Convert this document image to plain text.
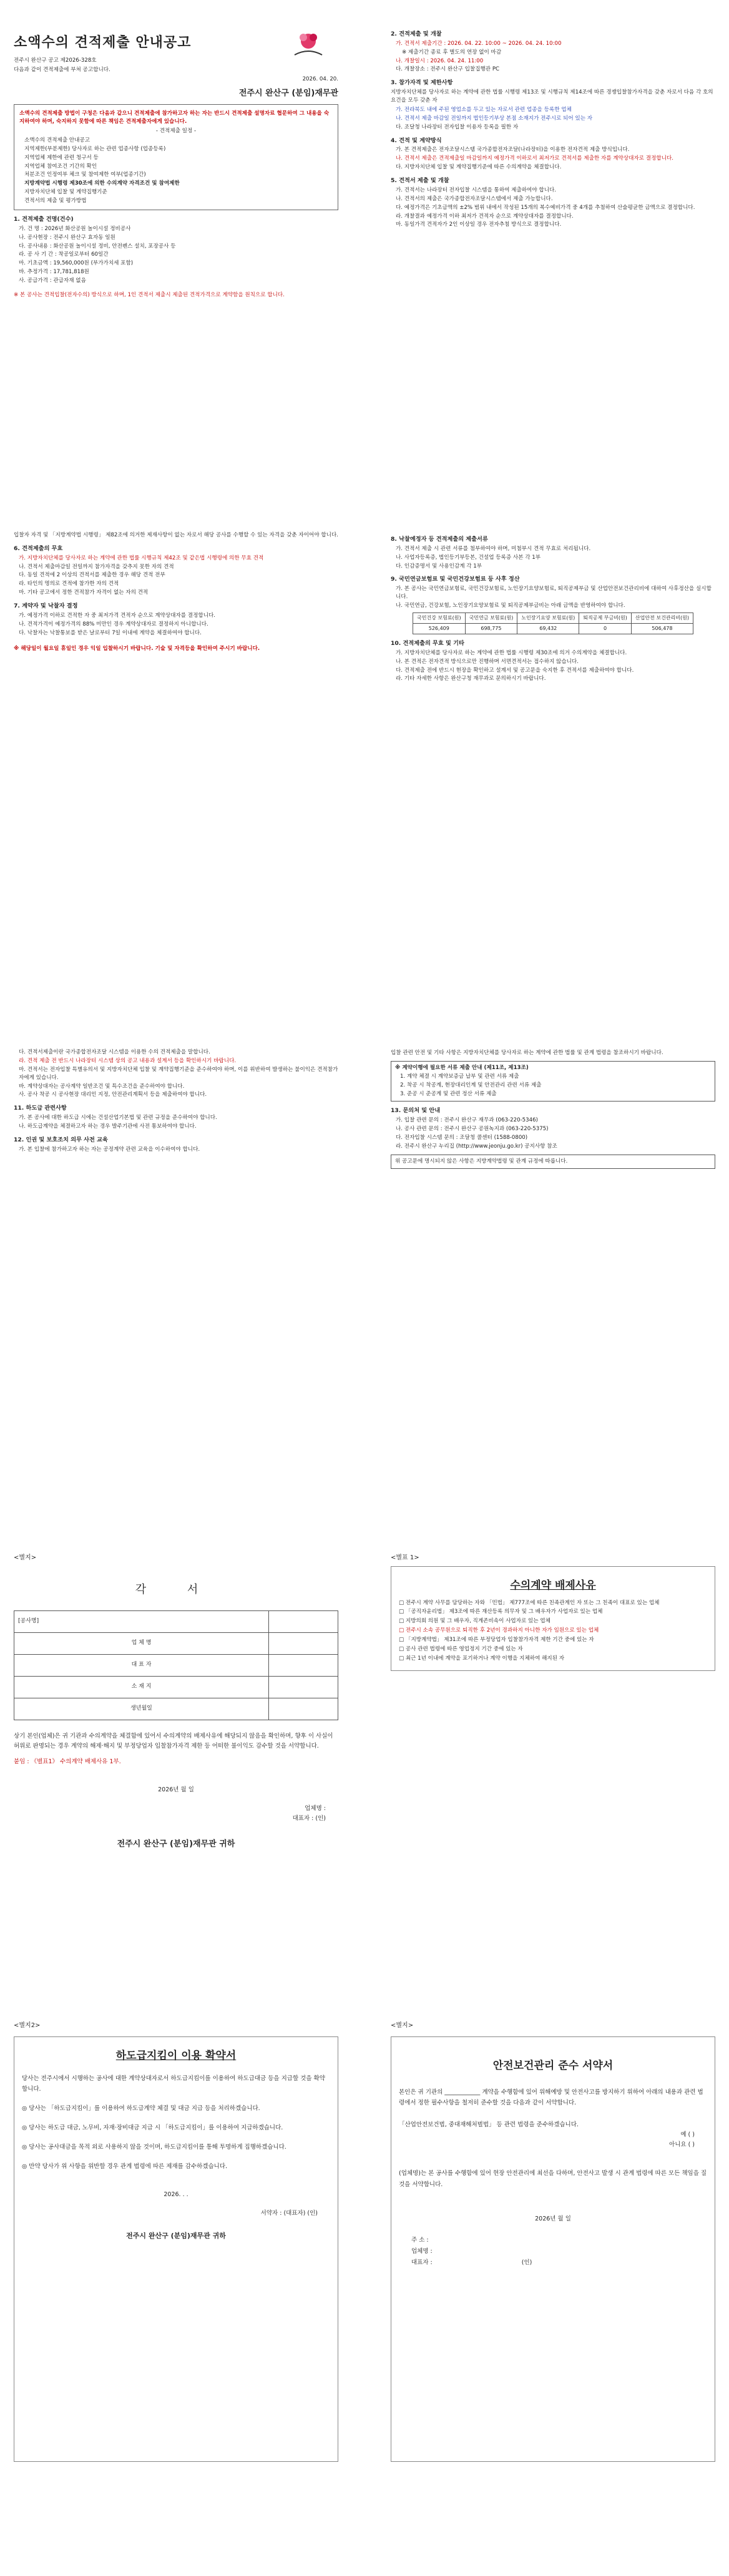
소액수의 견적제출 안내공고

전주시 완산구 공고 제2026-328호

다음과 같이 견적제출에 부쳐 공고합니다.

2026. 04. 20.

전주시 완산구 (분임)재무관

소액수의 견적제출 방법이 구청은 다음과 같으니 견적제출에 참가하고자 하는 자는 반드시 견적제출 설명자료 협문하여 그 내용을 숙지하여야 하며, 숙지하지 못함에 따른 책임은 견적제출자에게 있습니다.

- 견적제출 일정 -

소액수의 견적제출 안내공고
지역제한(부분제한) 당사자로 하는 관련 업종사항 (업종등록)
지역업체 제한에 관련 청구서 등
지역업체 참여조건 기간의 확인
처분조건 인정여부 체크 및 참여제한 여부(업종기간)
지방계약법 시행령 제30조에 의한 수의계약 자격조건 및 참여제한
지방자치단체 입찰 및 계약집행기준
견적서의 제출 및 평가방법
1. 견적제출 건명(건수)
가. 건 명 : 2026년 화산공원 놀이시설 정비공사
나. 공사현장 : 전주시 완산구 효자동 일원
다. 공사내용 : 화산공원 놀이시설 정비, 안전펜스 설치, 포장공사 등
라. 공 사 기 간 : 착공일로부터 60일간
마. 기초금액 : 19,560,000원 (부가가치세 포함)
바. 추정가격 : 17,781,818원
사. 공급가격 : 관급자재 없음

※ 본 공사는 견적입찰(전자수의) 방식으로 하며, 1인 견적서 제출시 제출된 견적가격으로 계약함을 원칙으로 합니다.

2. 견적제출 및 개찰
가. 견적서 제출기간 : 2026. 04. 22. 10:00 ~ 2026. 04. 24. 10:00
※ 제출기간 종료 후 별도의 연장 없이 마감
나. 개찰일시 : 2026. 04. 24. 11:00
다. 개찰장소 : 전주시 완산구 입찰집행관 PC
3. 참가자격 및 제한사항

지방자치단체를 당사자로 하는 계약에 관한 법률 시행령 제13조 및 시행규칙 제14조에 따른 경쟁입찰참가자격을 갖춘 자로서 다음 각 호의 요건을 모두 갖춘 자

가. 전라북도 내에 주된 영업소를 두고 있는 자로서 관련 업종을 등록한 업체
나. 견적서 제출 마감일 전일까지 법인등기부상 본점 소재지가 전주시로 되어 있는 자
다. 조달청 나라장터 전자입찰 이용자 등록을 필한 자
4. 견적 및 계약방식
가. 본 견적제출은 전자조달시스템 국가종합전자조달(나라장터)을 이용한 전자견적 제출 방식입니다.
나. 견적서 제출은 견적제출일 마감일까지 예정가격 이하로서 최저가로 견적서를 제출한 자를 계약상대자로 결정합니다.
다. 지방자치단체 입찰 및 계약집행기준에 따른 수의계약을 체결합니다.
5. 견적서 제출 및 개찰
가. 견적서는 나라장터 전자입찰 시스템을 통하여 제출하여야 합니다.
나. 견적서의 제출은 국가종합전자조달시스템에서 제출 가능합니다.
다. 예정가격은 기초금액의 ±2% 범위 내에서 작성된 15개의 복수예비가격 중 4개를 추첨하여 산술평균한 금액으로 결정합니다.
라. 개찰결과 예정가격 이하 최저가 견적자 순으로 계약상대자를 결정합니다.
마. 동일가격 견적자가 2인 이상일 경우 전자추첨 방식으로 결정합니다.

입찰자 자격 및 「지방계약법 시행령」 제82조에 의거한 제재사항이 없는 자로서 해당 공사를 수행할 수 있는 자격을 갖춘 자이어야 합니다.

6. 견적제출의 무효
가. 지방자치단체를 당사자로 하는 계약에 관한 법률 시행규칙 제42조 및 같은법 시행령에 의한 무효 견적
나. 견적서 제출마감일 전일까지 참가자격을 갖추지 못한 자의 견적
다. 동일 견적에 2 이상의 견적서를 제출한 경우 해당 견적 전부
라. 타인의 명의로 견적에 참가한 자의 견적
마. 기타 공고에서 정한 견적참가 자격이 없는 자의 견적
7. 계약자 및 낙찰자 결정
가. 예정가격 이하로 견적한 자 중 최저가격 견적자 순으로 계약상대자를 결정합니다.
나. 견적가격이 예정가격의 88% 미만인 경우 계약상대자로 결정하지 아니합니다.
다. 낙찰자는 낙찰통보를 받은 날로부터 7일 이내에 계약을 체결하여야 합니다.

※ 해당일이 월요일 휴일인 경우 익일 입찰하시기 바랍니다. 기술 및 자격등을 확인하여 주시기 바랍니다.

8. 낙찰예정자 등 견적제출의 제출서류
가. 견적서 제출 시 관련 서류를 첨부하여야 하며, 미첨부시 견적 무효로 처리됩니다.
나. 사업자등록증, 법인등기부등본, 건설업 등록증 사본 각 1부
다. 인감증명서 및 사용인감계 각 1부
9. 국민연금보험료 및 국민건강보험료 등 사후 정산
가. 본 공사는 국민연금보험료, 국민건강보험료, 노인장기요양보험료, 퇴직공제부금 및 산업안전보건관리비에 대하여 사후정산을 실시합니다.
나. 국민연금, 건강보험, 노인장기요양보험료 및 퇴직공제부금비는 아래 금액을 반영하여야 합니다.
국민건강 보험료(원)	국민연금 보험료(원)	노인장기요양 보험료(원)	퇴직공제 부금비(원)	산업안전 보건관리비(원)
526,409	698,775	69,432	0	506,478
10. 견적제출의 무효 및 기타
가. 지방자치단체를 당사자로 하는 계약에 관한 법률 시행령 제30조에 의거 수의계약을 체결합니다.
나. 본 견적은 전자견적 방식으로만 진행하며 서면견적서는 접수하지 않습니다.
다. 견적제출 전에 반드시 현장을 확인하고 설계서 및 공고문을 숙지한 후 견적서를 제출하여야 합니다.
라. 기타 자세한 사항은 완산구청 재무과로 문의하시기 바랍니다.
다. 견적서제출이란 국가종합전자조달 시스템을 이용한 수의 견적제출을 말합니다.
라. 견적 제출 전 반드시 나라장터 시스템 상의 공고 내용과 설계서 등을 확인하시기 바랍니다.
마. 견적서는 전자입찰 특별유의서 및 지방자치단체 입찰 및 계약집행기준을 준수하여야 하며, 이를 위반하여 발생하는 불이익은 견적참가자에게 있습니다.
바. 계약상대자는 공사계약 일반조건 및 특수조건을 준수하여야 합니다.
사. 공사 착공 시 공사현장 대리인 지정, 안전관리계획서 등을 제출하여야 합니다.
11. 하도급 관련사항
가. 본 공사에 대한 하도급 시에는 건설산업기본법 및 관련 규정을 준수하여야 합니다.
나. 하도급계약을 체결하고자 하는 경우 발주기관에 사전 통보하여야 합니다.
12. 인권 및 보호조치 의무 사전 교육
가. 본 입찰에 참가하고자 하는 자는 공정계약 관련 교육을 이수하여야 합니다.

입찰 관련 안전 및 기타 사항은 지방자치단체를 당사자로 하는 계약에 관한 법률 및 관계 법령을 참조하시기 바랍니다.

※ 계약이행에 필요한 서류 제출 안내 (제11조, 제13조)
1. 계약 체결 시 계약보증금 납부 및 관련 서류 제출
2. 착공 시 착공계, 현장대리인계 및 안전관리 관련 서류 제출
3. 준공 시 준공계 및 관련 정산 서류 제출
13. 문의처 및 안내
가. 입찰 관련 문의 : 전주시 완산구 재무과 (063-220-5346)
나. 공사 관련 문의 : 전주시 완산구 공원녹지과 (063-220-5375)
다. 전자입찰 시스템 문의 : 조달청 콜센터 (1588-0800)
라. 전주시 완산구 누리집 (http://www.jeonju.go.kr) 공지사항 참조
위 공고문에 명시되지 않은 사항은 지방계약법령 및 관계 규정에 따릅니다.
<별지>
각 서
[공사명]	
업 체 명	
대 표 자	
소 재 지	
생년월일	

상기 본인(업체)은 귀 기관과 수의계약을 체결함에 있어서 수의계약의 배제사유에 해당되지 않음을 확인하며, 향후 이 사실이 허위로 판명되는 경우 계약의 해제·해지 및 부정당업자 입찰참가자격 제한 등 어떠한 불이익도 감수할 것을 서약합니다.

붙임 : 《별표1》 수의계약 배제사유 1부.

2026년 월 일

업체명 :

대표자 : (인)

전주시 완산구 (분임)재무관 귀하

<별표 1>
수의계약 배제사유

□ 전주시 계약 사무를 담당하는 자와 「민법」 제777조에 따른 친족관계인 자 또는 그 친족이 대표로 있는 업체

□ 「공직자윤리법」 제3조에 따른 재산등록 의무자 및 그 배우자가 사업자로 있는 업체

□ 지방의회 의원 및 그 배우자, 직계존비속이 사업자로 있는 업체

□ 전주시 소속 공무원으로 퇴직한 후 2년이 경과하지 아니한 자가 임원으로 있는 업체

□ 「지방계약법」 제31조에 따른 부정당업자 입찰참가자격 제한 기간 중에 있는 자

□ 공사 관련 법령에 따른 영업정지 기간 중에 있는 자

□ 최근 1년 이내에 계약을 포기하거나 계약 이행을 지체하여 해지된 자

<별지2>
하도급지킴이 이용 확약서

당사는 전주시에서 시행하는 공사에 대한 계약상대자로서 하도급지킴이를 이용하여 하도급대금 등을 지급할 것을 확약합니다.

◎ 당사는 「하도급지킴이」를 이용하여 하도급계약 체결 및 대금 지급 등을 처리하겠습니다.

◎ 당사는 하도급 대금, 노무비, 자재·장비대금 지급 시 「하도급지킴이」를 이용하여 지급하겠습니다.

◎ 당사는 공사대금을 목적 외로 사용하지 않을 것이며, 하도급지킴이를 통해 투명하게 집행하겠습니다.

◎ 만약 당사가 위 사항을 위반할 경우 관계 법령에 따른 제재를 감수하겠습니다.

2026. . .

서약자 : (대표자) (인)

전주시 완산구 (분임)재무관 귀하

<별지>
안전보건관리 준수 서약서

본인은 귀 기관의 ____________ 계약을 수행함에 있어 위해예방 및 안전사고를 방지하기 위하여 아래의 내용과 관련 법령에서 정한 필수사항을 철저히 준수할 것을 다음과 같이 서약합니다.

「산업안전보건법, 중대재해처벌법」 등 관련 법령을 준수하겠습니다.

예 ( )

아니요 ( )

(업체명)는 본 공사를 수행함에 있어 현장 안전관리에 최선을 다하며, 안전사고 발생 시 관계 법령에 따른 모든 책임을 질 것을 서약합니다.

2026년 월 일

주 소 :

업체명 :

대표자 :	(인)
